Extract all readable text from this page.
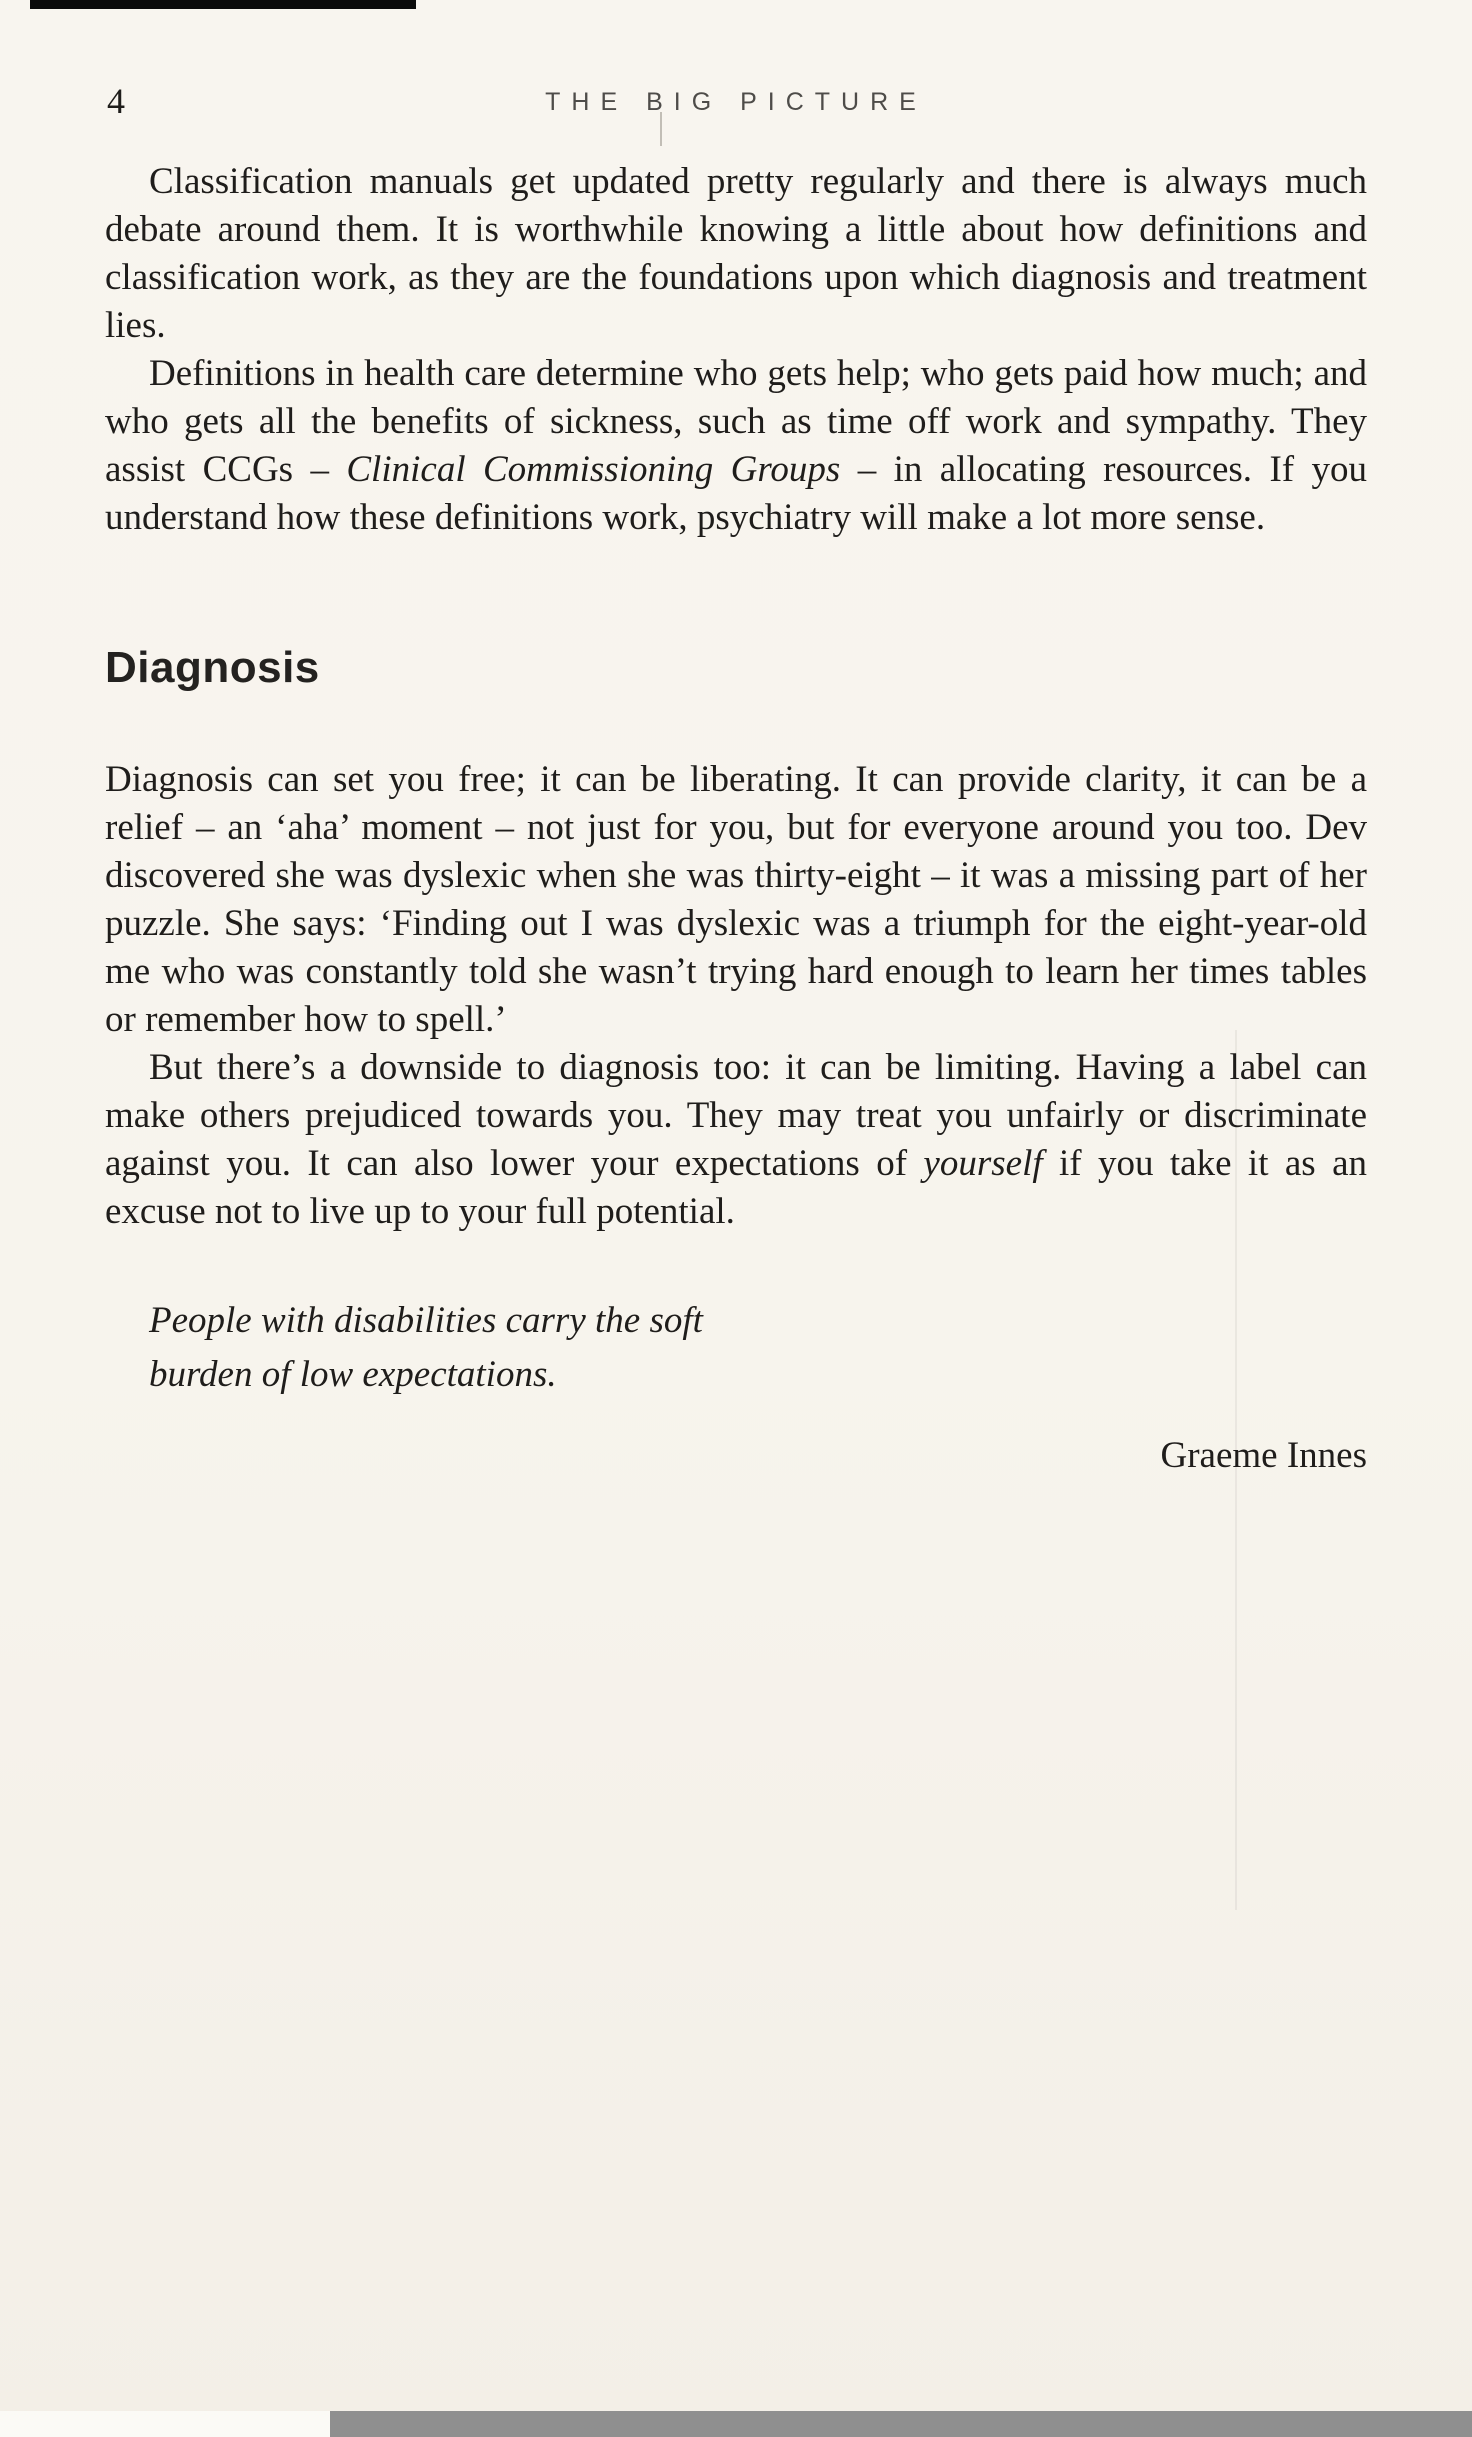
4	THE BIG PICTURE

Classification manuals get updated pretty regularly and there is always much debate around them. It is worthwhile knowing a little about how definitions and classification work, as they are the foundations upon which diagnosis and treatment lies.

Definitions in health care determine who gets help; who gets paid how much; and who gets all the benefits of sickness, such as time off work and sympathy. They assist CCGs – Clinical Commissioning Groups – in allocating resources. If you understand how these definitions work, psychiatry will make a lot more sense.

Diagnosis

Diagnosis can set you free; it can be liberating. It can provide clarity, it can be a relief – an ‘aha’ moment – not just for you, but for everyone around you too. Dev discovered she was dyslexic when she was thirty-eight – it was a missing part of her puzzle. She says: ‘Finding out I was dyslexic was a triumph for the eight-year-old me who was constantly told she wasn’t trying hard enough to learn her times tables or remember how to spell.’

But there’s a downside to diagnosis too: it can be limiting. Having a label can make others prejudiced towards you. They may treat you unfairly or discriminate against you. It can also lower your expectations of yourself if you take it as an excuse not to live up to your full potential.

People with disabilities carry the soft
burden of low expectations.
Graeme Innes
